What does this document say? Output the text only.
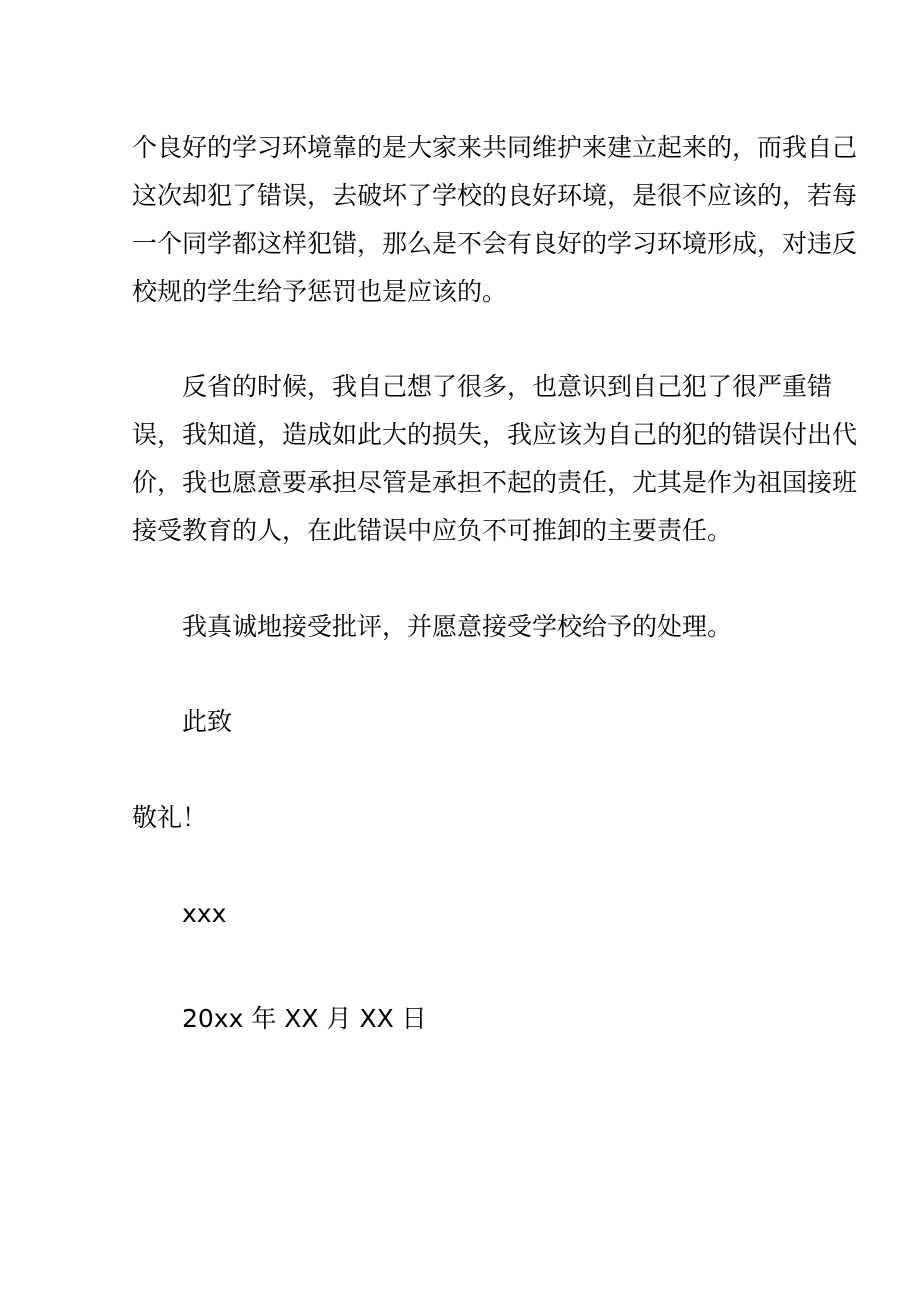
个良好的学习环境靠的是大家来共同维护来建立起来的，而我自己
这次却犯了错误，去破坏了学校的良好环境，是很不应该的，若每
一个同学都这样犯错，那么是不会有良好的学习环境形成，对违反
校规的学生给予惩罚也是应该的。
反省的时候，我自己想了很多，也意识到自己犯了很严重错
误，我知道，造成如此大的损失，我应该为自己的犯的错误付出代
价，我也愿意要承担尽管是承担不起的责任，尤其是作为祖国接班
接受教育的人，在此错误中应负不可推卸的主要责任。
我真诚地接受批评，并愿意接受学校给予的处理。
此致
敬礼！
xxx
20xx 年 XX 月 XX 日
